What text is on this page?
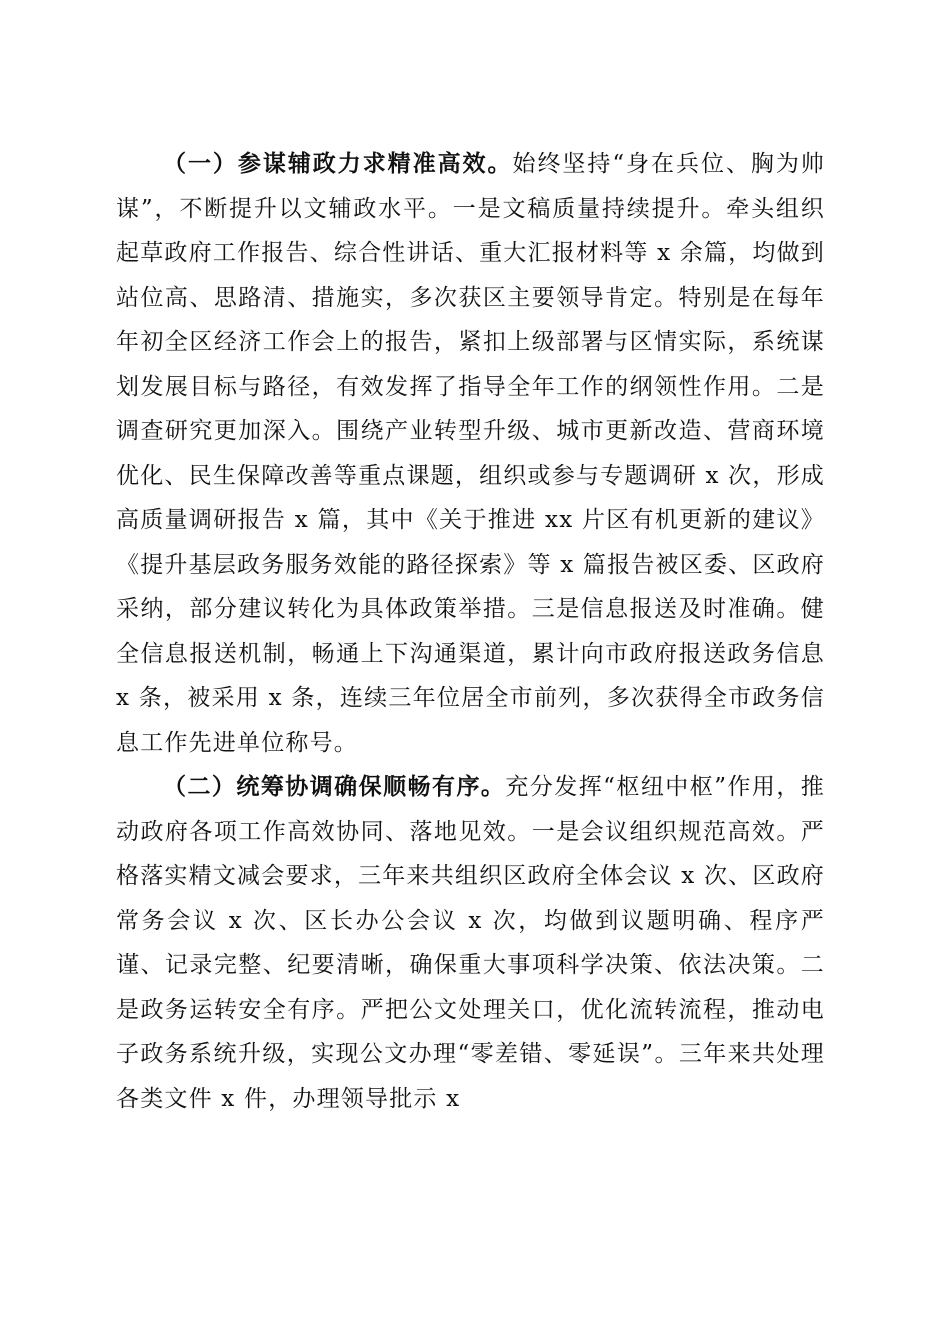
（一）参谋辅政力求精准高效。始终坚持“身在兵位、胸为帅谋”，不断提升以文辅政水平。一是文稿质量持续提升。牵头组织起草政府工作报告、综合性讲话、重大汇报材料等 x 余篇，均做到站位高、思路清、措施实，多次获区主要领导肯定。特别是在每年年初全区经济工作会上的报告，紧扣上级部署与区情实际，系统谋划发展目标与路径，有效发挥了指导全年工作的纲领性作用。二是调查研究更加深入。围绕产业转型升级、城市更新改造、营商环境优化、民生保障改善等重点课题，组织或参与专题调研 x 次，形成高质量调研报告 x 篇，其中《关于推进 xx 片区有机更新的建议》《提升基层政务服务效能的路径探索》等 x 篇报告被区委、区政府采纳，部分建议转化为具体政策举措。三是信息报送及时准确。健全信息报送机制，畅通上下沟通渠道，累计向市政府报送政务信息 x 条，被采用 x 条，连续三年位居全市前列，多次获得全市政务信息工作先进单位称号。

（二）统筹协调确保顺畅有序。充分发挥“枢纽中枢”作用，推动政府各项工作高效协同、落地见效。一是会议组织规范高效。严格落实精文减会要求，三年来共组织区政府全体会议 x 次、区政府常务会议 x 次、区长办公会议 x 次，均做到议题明确、程序严谨、记录完整、纪要清晰，确保重大事项科学决策、依法决策。二是政务运转安全有序。严把公文处理关口，优化流转流程，推动电子政务系统升级，实现公文办理“零差错、零延误”。三年来共处理各类文件 x 件，办理领导批示 x
